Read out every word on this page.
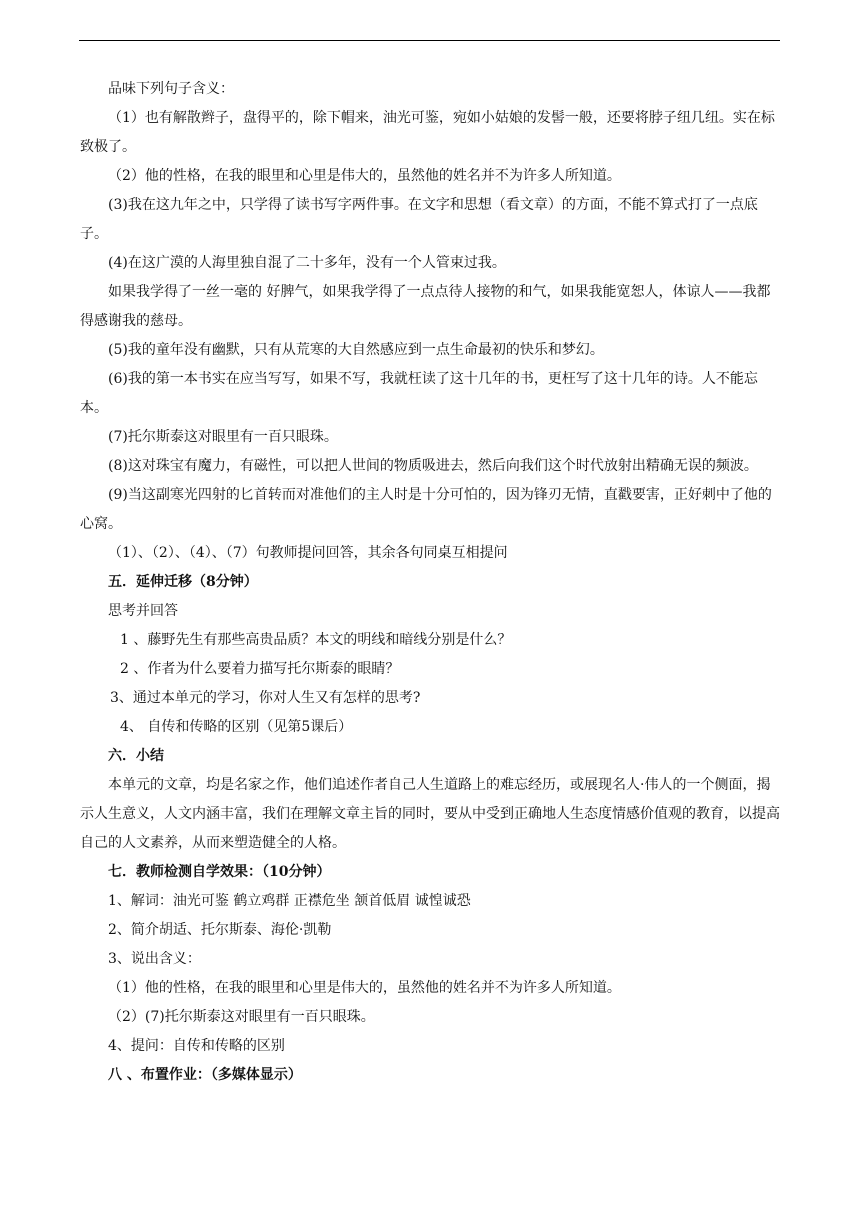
品味下列句子含义：

（1）也有解散辫子，盘得平的，除下帽来，油光可鉴，宛如小姑娘的发髻一般，还要将脖子纽几纽。实在标致极了。

（2）他的性格，在我的眼里和心里是伟大的，虽然他的姓名并不为许多人所知道。

(3)我在这九年之中，只学得了读书写字两件事。在文字和思想（看文章）的方面，不能不算式打了一点底子。

(4)在这广漠的人海里独自混了二十多年，没有一个人管束过我。

如果我学得了一丝一毫的 好脾气，如果我学得了一点点待人接物的和气，如果我能宽恕人，体谅人——我都得感谢我的慈母。

(5)我的童年没有幽默，只有从荒寒的大自然感应到一点生命最初的快乐和梦幻。

(6)我的第一本书实在应当写写，如果不写，我就枉读了这十几年的书，更枉写了这十几年的诗。人不能忘本。

(7)托尔斯泰这对眼里有一百只眼珠。

(8)这对珠宝有魔力，有磁性，可以把人世间的物质吸进去，然后向我们这个时代放射出精确无误的频波。

(9)当这副寒光四射的匕首转而对准他们的主人时是十分可怕的，因为锋刃无情，直戳要害，正好刺中了他的心窝。

（1）、（2）、（4）、（7）句教师提问回答，其余各句同桌互相提问

五．延伸迁移（8分钟）

思考并回答

1 、藤野先生有那些高贵品质？本文的明线和暗线分别是什么？

2 、作者为什么要着力描写托尔斯泰的眼睛？

3、通过本单元的学习，你对人生又有怎样的思考?

4、 自传和传略的区别（见第5课后）

六．小结

本单元的文章，均是名家之作，他们追述作者自己人生道路上的难忘经历，或展现名人·伟人的一个侧面，揭示人生意义，人文内涵丰富，我们在理解文章主旨的同时，要从中受到正确地人生态度情感价值观的教育，以提高自己的人文素养，从而来塑造健全的人格。

七．教师检测自学效果：（10分钟）

1、解词：油光可鉴 鹤立鸡群 正襟危坐 颔首低眉 诚惶诚恐

2、简介胡适、托尔斯泰、海伦·凯勒

3、说出含义：

（1）他的性格，在我的眼里和心里是伟大的，虽然他的姓名并不为许多人所知道。

（2）(7)托尔斯泰这对眼里有一百只眼珠。

4、提问：自传和传略的区别

八 、布置作业：（多媒体显示）
